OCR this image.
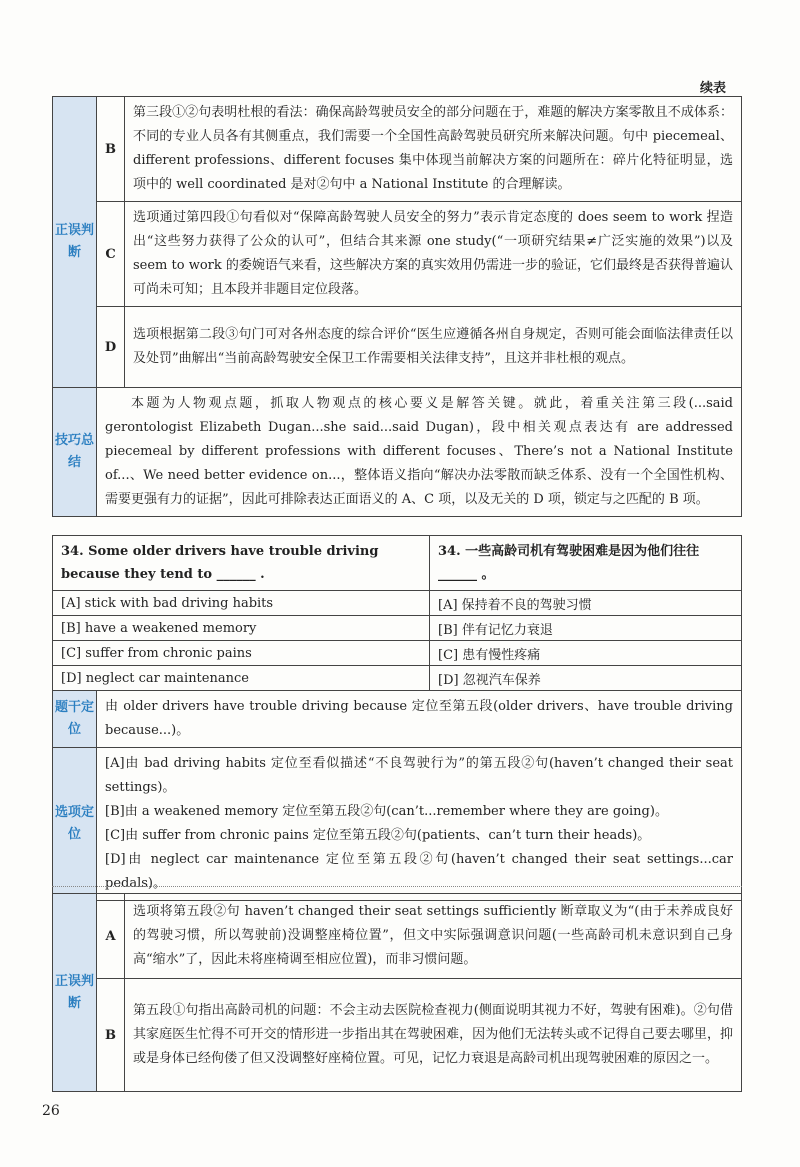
续表
正误判断	B	第三段①②句表明杜根的看法：确保高龄驾驶员安全的部分问题在于，难题的解决方案零散且不成体系：不同的专业人员各有其侧重点，我们需要一个全国性高龄驾驶员研究所来解决问题。句中 piecemeal、different professions、different focuses 集中体现当前解决方案的问题所在：碎片化特征明显，选项中的 well coordinated 是对②句中 a National Institute 的合理解读。
	C	选项通过第四段①句看似对“保障高龄驾驶人员安全的努力”表示肯定态度的 does seem to work 捏造出“这些努力获得了公众的认可”，但结合其来源 one study(“一项研究结果≠广泛实施的效果”)以及 seem to work 的委婉语气来看，这些解决方案的真实效用仍需进一步的验证，它们最终是否获得普遍认可尚未可知；且本段并非题目定位段落。
	D	选项根据第二段③句门可对各州态度的综合评价“医生应遵循各州自身规定，否则可能会面临法律责任以及处罚”曲解出“当前高龄驾驶安全保卫工作需要相关法律支持”，且这并非杜根的观点。
技巧总结	本题为人物观点题，抓取人物观点的核心要义是解答关键。就此，着重关注第三段(...said gerontologist Elizabeth Dugan...she said...said Dugan)，段中相关观点表达有 are addressed piecemeal by different professions with different focuses、There’s not a National Institute of...、We need better evidence on...，整体语义指向“解决办法零散而缺乏体系、没有一个全国性机构、需要更强有力的证据”，因此可排除表达正面语义的 A、C 项，以及无关的 D 项，锁定与之匹配的 B 项。	
34. Some older drivers have trouble driving because they tend to ______ .		34. 一些高龄司机有驾驶困难是因为他们往往______ 。
[A] stick with bad driving habits		[A] 保持着不良的驾驶习惯
[B] have a weakened memory		[B] 伴有记忆力衰退
[C] suffer from chronic pains		[C] 患有慢性疼痛
[D] neglect car maintenance		[D] 忽视汽车保养
题干定位	由 older drivers have trouble driving because 定位至第五段(older drivers、have trouble driving because...)。	
选项定位	[A]由 bad driving habits 定位至看似描述“不良驾驶行为”的第五段②句(haven’t changed their seat settings)。
[B]由 a weakened memory 定位至第五段②句(can’t...remember where they are going)。
[C]由 suffer from chronic pains 定位至第五段②句(patients、can’t turn their heads)。
[D]由 neglect car maintenance 定位至第五段②句(haven’t changed their seat settings...car pedals)。	
正误判断	A	选项将第五段②句 haven’t changed their seat settings sufficiently 断章取义为“(由于未养成良好的驾驶习惯，所以驾驶前)没调整座椅位置”，但文中实际强调意识问题(一些高龄司机未意识到自己身高“缩水”了，因此未将座椅调至相应位置)，而非习惯问题。
	B	第五段①句指出高龄司机的问题：不会主动去医院检查视力(侧面说明其视力不好，驾驶有困难)。②句借其家庭医生忙得不可开交的情形进一步指出其在驾驶困难，因为他们无法转头或不记得自己要去哪里，抑或是身体已经佝偻了但又没调整好座椅位置。可见，记忆力衰退是高龄司机出现驾驶困难的原因之一。
26
